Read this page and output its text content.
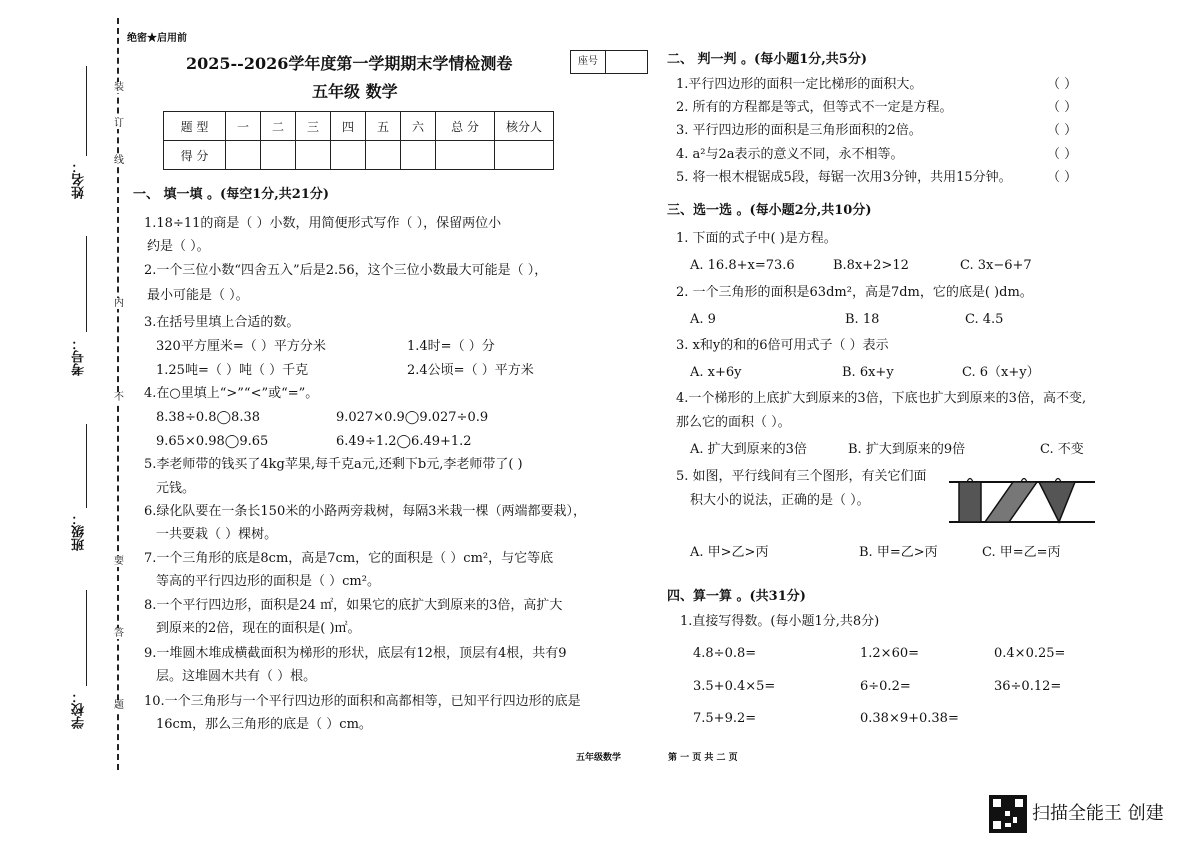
装
订
线
内
不
要
答
题
姓名：
考号：
班级：
学校：
绝密★启用前
2025--2026学年度第一学期期末学情检测卷	座号
五年级 数学
题 型	一	二	三	四	五	六	总 分	核分人
得 分								
一、 填一填 。(每空1分,共21分)
1.18÷11的商是（ ）小数，用简便形式写作（ ），保留两位小
约是（ ）。
2.一个三位小数“四舍五入”后是2.56，这个三位小数最大可能是（ ），
最小可能是（ ）。
3.在括号里填上合适的数。
320平方厘米=（ ）平方分米	1.4时=（ ）分
1.25吨=（ ）吨（ ）千克	2.4公顷=（ ）平方米
4.在○里填上“>”“<”或“=”。
8.38÷0.8◯8.38	9.027×0.9◯9.027÷0.9
9.65×0.98◯9.65	6.49÷1.2◯6.49+1.2
5.李老师带的钱买了4kg苹果,每千克a元,还剩下b元,李老师带了( )
元钱。
6.绿化队要在一条长150米的小路两旁栽树，每隔3米栽一棵（两端都要栽），
一共要栽（ ）棵树。
7.一个三角形的底是8cm，高是7cm，它的面积是（ ）cm²，与它等底
等高的平行四边形的面积是（ ）cm²。
8.一个平行四边形，面积是24 ㎡，如果它的底扩大到原来的3倍，高扩大
到原来的2倍，现在的面积是( )㎡。
9.一堆圆木堆成横截面积为梯形的形状，底层有12根，顶层有4根，共有9
层。这堆圆木共有（ ）根。
10.一个三角形与一个平行四边形的面积和高都相等，已知平行四边形的底是
16cm，那么三角形的底是（ ）cm。
二、 判一判 。(每小题1分,共5分)
1.平行四边形的面积一定比梯形的面积大。	（ ）
2. 所有的方程都是等式，但等式不一定是方程。	（ ）
3. 平行四边形的面积是三角形面积的2倍。	（ ）
4. a²与2a表示的意义不同，永不相等。	（ ）
5. 将一根木棍锯成5段，每锯一次用3分钟，共用15分钟。	（ ）
三、选一选 。(每小题2分,共10分)
1. 下面的式子中( )是方程。
A. 16.8+x=73.6	B.8x+2>12	C. 3x−6+7
2. 一个三角形的面积是63dm²，高是7dm，它的底是( )dm。
A. 9	B. 18	C. 4.5
3. x和y的和的6倍可用式子（ ）表示
A. x+6y	B. 6x+y	C. 6（x+y）
4.一个梯形的上底扩大到原来的3倍，下底也扩大到原来的3倍，高不变,
那么它的面积（ ）。
A. 扩大到原来的3倍	B. 扩大到原来的9倍	C. 不变
5. 如图，平行线间有三个图形，有关它们面
积大小的说法，正确的是（ ）。
A. 甲>乙>丙	B. 甲=乙>丙	C. 甲=乙=丙
四、算一算 。(共31分)
1.直接写得数。(每小题1分,共8分)
4.8÷0.8=	1.2×60=	0.4×0.25=
3.5+0.4×5=	6÷0.2=	36÷0.12=
7.5+9.2=	0.38×9+0.38=
五年级数学	第 一 页 共 二 页
扫描全能王 创建
